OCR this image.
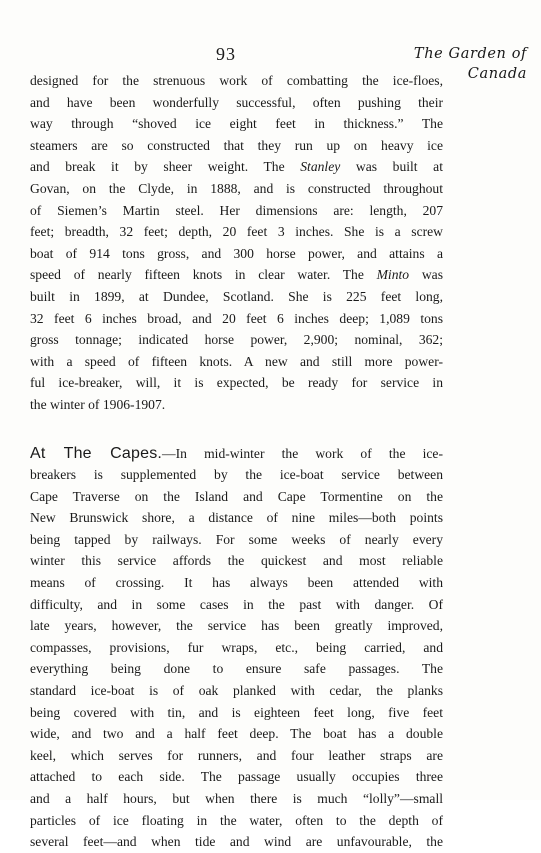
93	The Garden of
Canada
designed for the strenuous work of combatting the ice-floes,
and have been wonderfully successful, often pushing their
way through “shoved ice eight feet in thickness.” The
steamers are so constructed that they run up on heavy ice
and break it by sheer weight. The Stanley was built at
Govan, on the Clyde, in 1888, and is constructed throughout
of Siemen’s Martin steel. Her dimensions are: length, 207
feet; breadth, 32 feet; depth, 20 feet 3 inches. She is a screw
boat of 914 tons gross, and 300 horse power, and attains a
speed of nearly fifteen knots in clear water. The Minto was
built in 1899, at Dundee, Scotland. She is 225 feet long,
32 feet 6 inches broad, and 20 feet 6 inches deep; 1,089 tons
gross tonnage; indicated horse power, 2,900; nominal, 362;
with a speed of fifteen knots. A new and still more power-
ful ice-breaker, will, it is expected, be ready for service in
the winter of 1906-1907.
At The Capes.—In mid-winter the work of the ice-
breakers is supplemented by the ice-boat service between
Cape Traverse on the Island and Cape Tormentine on the
New Brunswick shore, a distance of nine miles—both points
being tapped by railways. For some weeks of nearly every
winter this service affords the quickest and most reliable
means of crossing. It has always been attended with
difficulty, and in some cases in the past with danger. Of
late years, however, the service has been greatly improved,
compasses, provisions, fur wraps, etc., being carried, and
everything being done to ensure safe passages. The
standard ice-boat is of oak planked with cedar, the planks
being covered with tin, and is eighteen feet long, five feet
wide, and two and a half feet deep. The boat has a double
keel, which serves for runners, and four leather straps are
attached to each side. The passage usually occupies three
and a half hours, but when there is much “lolly”—small
particles of ice floating in the water, often to the depth of
several feet—and when tide and wind are unfavourable, the
